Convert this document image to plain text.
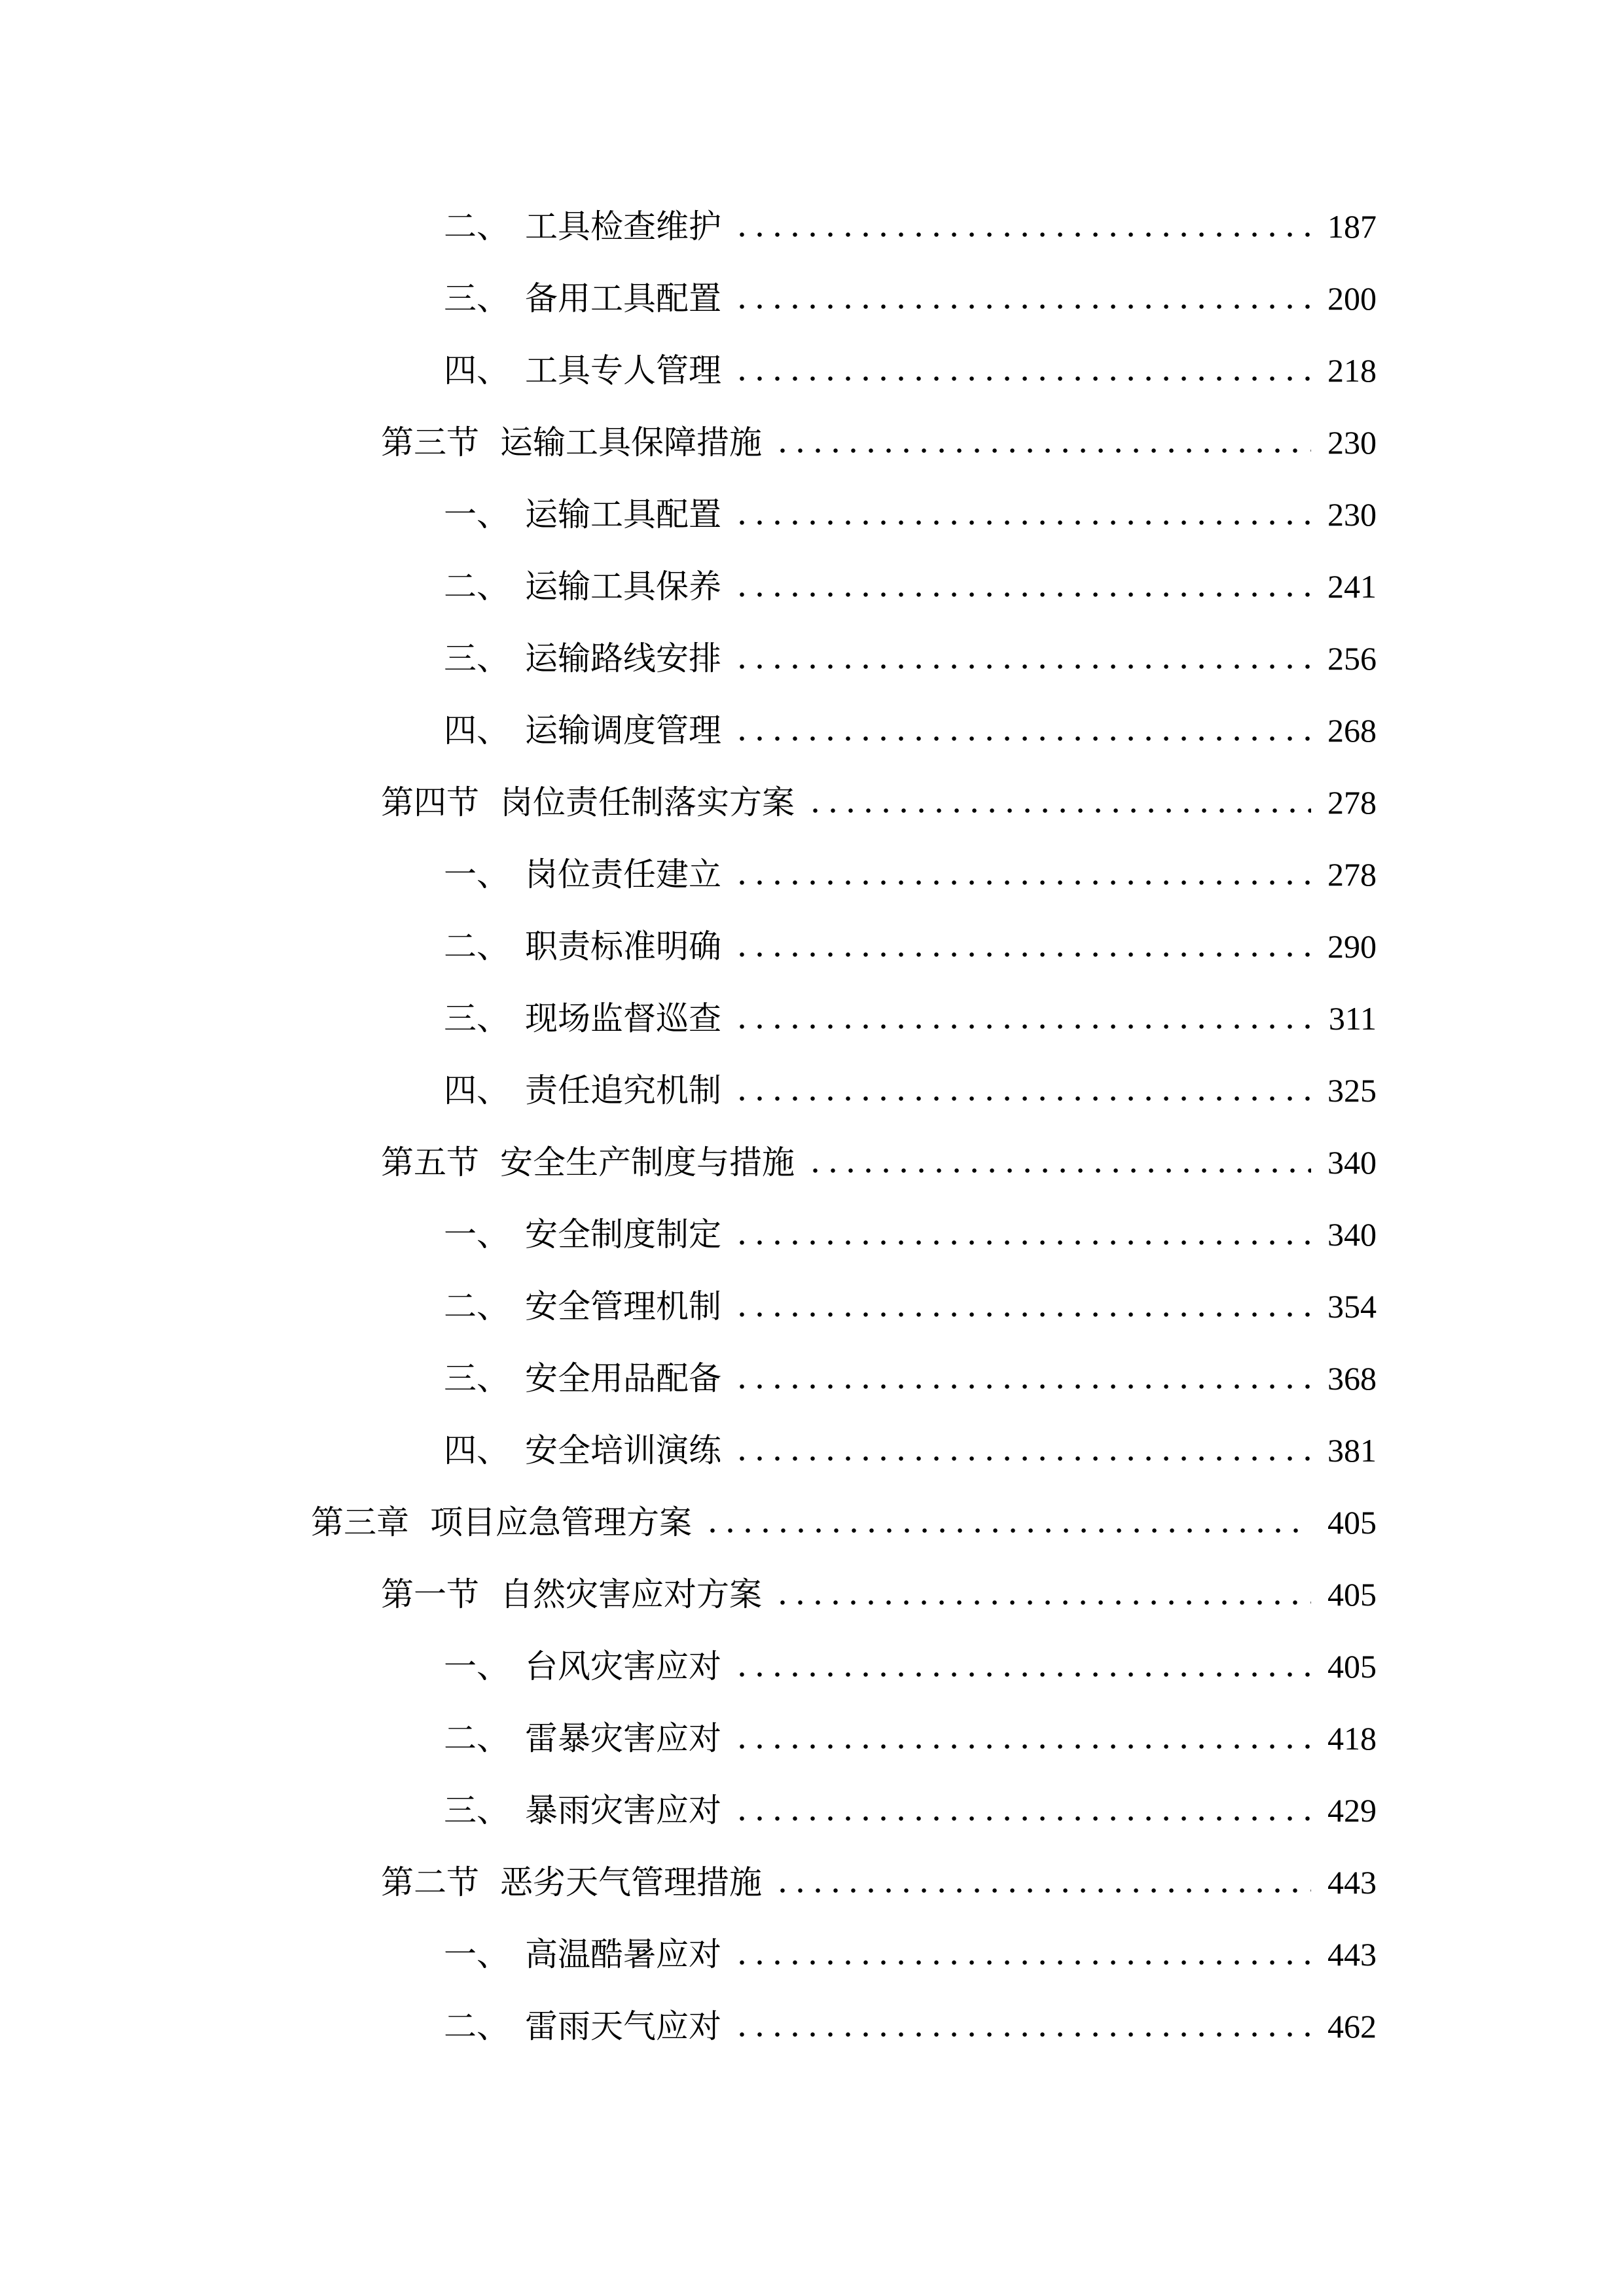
二、 工具检查维护	187
三、 备用工具配置	200
四、 工具专人管理	218
第三节 运输工具保障措施	230
一、 运输工具配置	230
二、 运输工具保养	241
三、 运输路线安排	256
四、 运输调度管理	268
第四节 岗位责任制落实方案	278
一、 岗位责任建立	278
二、 职责标准明确	290
三、 现场监督巡查	311
四、 责任追究机制	325
第五节 安全生产制度与措施	340
一、 安全制度制定	340
二、 安全管理机制	354
三、 安全用品配备	368
四、 安全培训演练	381
第三章 项目应急管理方案	405
第一节 自然灾害应对方案	405
一、 台风灾害应对	405
二、 雷暴灾害应对	418
三、 暴雨灾害应对	429
第二节 恶劣天气管理措施	443
一、 高温酷暑应对	443
二、 雷雨天气应对	462
